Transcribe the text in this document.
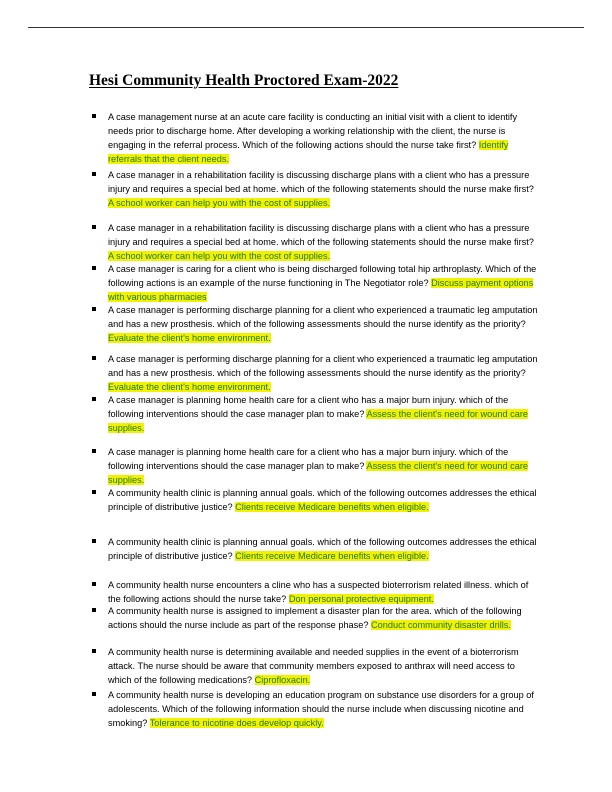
Hesi Community Health Proctored Exam-2022
A case management nurse at an acute care facility is conducting an initial visit with a client to identify needs prior to discharge home. After developing a working relationship with the client, the nurse is engaging in the referral process. Which of the following actions should the nurse take first? Identify referrals that the client needs.
A case manager in a rehabilitation facility is discussing discharge plans with a client who has a pressure injury and requires a special bed at home. which of the following statements should the nurse make first? A school worker can help you with the cost of supplies.
A case manager in a rehabilitation facility is discussing discharge plans with a client who has a pressure injury and requires a special bed at home. which of the following statements should the nurse make first? A school worker can help you with the cost of supplies.
A case manager is caring for a client who is being discharged following total hip arthroplasty. Which of the following actions is an example of the nurse functioning in The Negotiator role? Discuss payment options with various pharmacies
A case manager is performing discharge planning for a client who experienced a traumatic leg amputation and has a new prosthesis. which of the following assessments should the nurse identify as the priority? Evaluate the client's home environment.
A case manager is performing discharge planning for a client who experienced a traumatic leg amputation and has a new prosthesis. which of the following assessments should the nurse identify as the priority? Evaluate the client's home environment.
A case manager is planning home health care for a client who has a major burn injury. which of the following interventions should the case manager plan to make? Assess the client's need for wound care supplies.
A case manager is planning home health care for a client who has a major burn injury. which of the following interventions should the case manager plan to make? Assess the client's need for wound care supplies.
A community health clinic is planning annual goals. which of the following outcomes addresses the ethical principle of distributive justice? Clients receive Medicare benefits when eligible.
A community health clinic is planning annual goals. which of the following outcomes addresses the ethical principle of distributive justice? Clients receive Medicare benefits when eligible.
A community health nurse encounters a cline who has a suspected bioterrorism related illness. which of the following actions should the nurse take? Don personal protective equipment.
A community health nurse is assigned to implement a disaster plan for the area. which of the following actions should the nurse include as part of the response phase? Conduct community disaster drills.
A community health nurse is determining available and needed supplies in the event of a bioterrorism attack. The nurse should be aware that community members exposed to anthrax will need access to which of the following medications? Ciprofloxacin.
A community health nurse is developing an education program on substance use disorders for a group of adolescents. Which of the following information should the nurse include when discussing nicotine and smoking? Tolerance to nicotine does develop quickly.
